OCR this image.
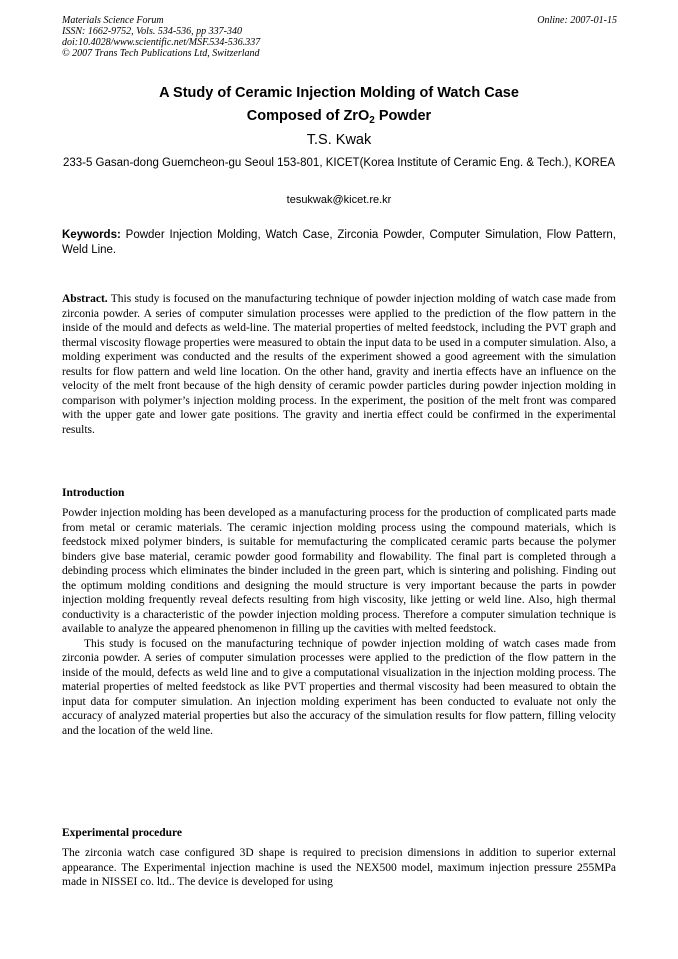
Materials Science Forum
ISSN: 1662-9752, Vols. 534-536, pp 337-340
doi:10.4028/www.scientific.net/MSF.534-536.337
© 2007 Trans Tech Publications Ltd, Switzerland
Online: 2007-01-15
A Study of Ceramic Injection Molding of Watch Case
Composed of ZrO$_2$ Powder
T.S. Kwak
233-5 Gasan-dong Guemcheon-gu Seoul 153-801, KICET(Korea Institute of Ceramic Eng. & Tech.), KOREA
tesukwak@kicet.re.kr
Keywords: Powder Injection Molding, Watch Case, Zirconia Powder, Computer Simulation, Flow Pattern, Weld Line.
Abstract. This study is focused on the manufacturing technique of powder injection molding of watch case made from zirconia powder. A series of computer simulation processes were applied to the prediction of the flow pattern in the inside of the mould and defects as weld-line. The material properties of melted feedstock, including the PVT graph and thermal viscosity flowage properties were measured to obtain the input data to be used in a computer simulation. Also, a molding experiment was conducted and the results of the experiment showed a good agreement with the simulation results for flow pattern and weld line location. On the other hand, gravity and inertia effects have an influence on the velocity of the melt front because of the high density of ceramic powder particles during powder injection molding in comparison with polymer’s injection molding process. In the experiment, the position of the melt front was compared with the upper gate and lower gate positions. The gravity and inertia effect could be confirmed in the experimental results.
Introduction

Powder injection molding has been developed as a manufacturing process for the production of complicated parts made from metal or ceramic materials. The ceramic injection molding process using the compound materials, which is feedstock mixed polymer binders, is suitable for memufacturing the complicated ceramic parts because the polymer binders give base material, ceramic powder good formability and flowability. The final part is completed through a debinding process which eliminates the binder included in the green part, which is sintering and polishing. Finding out the optimum molding conditions and designing the mould structure is very important because the parts in powder injection molding frequently reveal defects resulting from high viscosity, like jetting or weld line. Also, high thermal conductivity is a characteristic of the powder injection molding process. Therefore a computer simulation technique is available to analyze the appeared phenomenon in filling up the cavities with melted feedstock.

This study is focused on the manufacturing technique of powder injection molding of watch cases made from zirconia powder. A series of computer simulation processes were applied to the prediction of the flow pattern in the inside of the mould, defects as weld line and to give a computational visualization in the injection molding process. The material properties of melted feedstock as like PVT properties and thermal viscosity had been measured to obtain the input data for computer simulation. An injection molding experiment has been conducted to evaluate not only the accuracy of analyzed material properties but also the accuracy of the simulation results for flow pattern, filling velocity and the location of the weld line.

Experimental procedure
The zirconia watch case configured 3D shape is required to precision dimensions in addition to superior external appearance. The Experimental injection machine is used the NEX500 model, maximum injection pressure 255MPa made in NISSEI co. ltd.. The device is developed for using
